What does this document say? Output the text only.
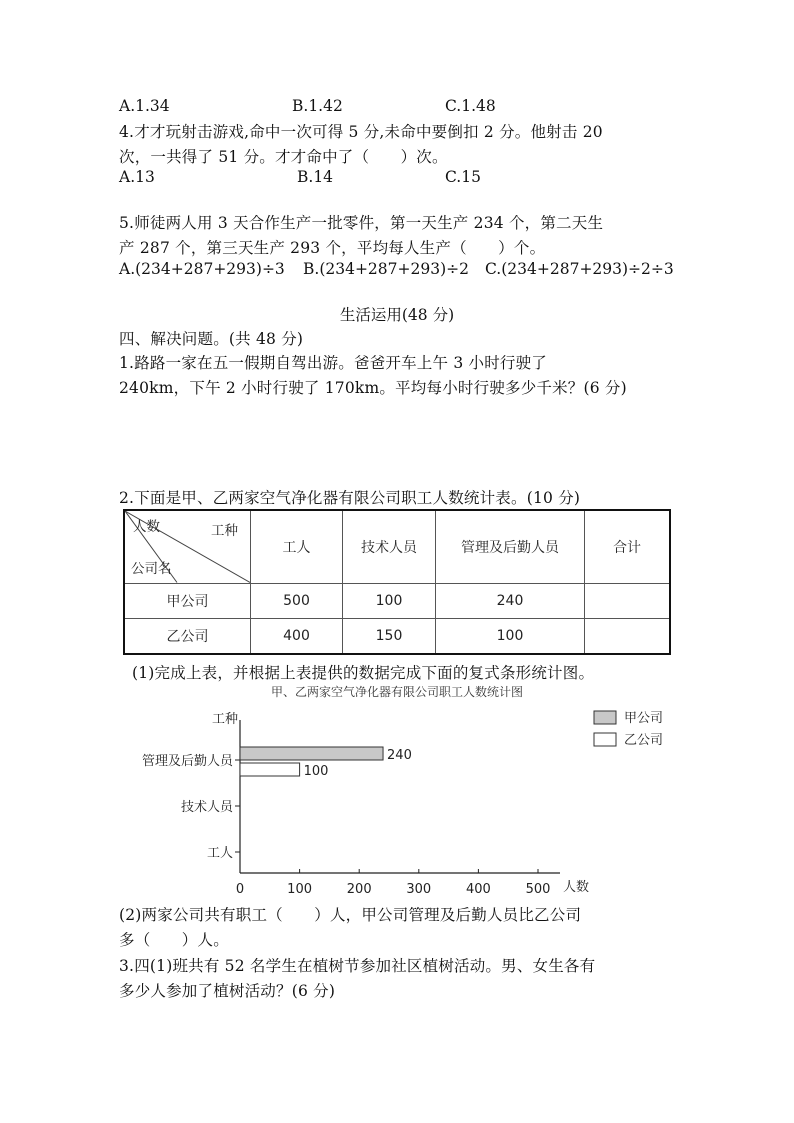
A.1.34	B.1.42	C.1.48
4.才才玩射击游戏,命中一次可得 5 分,未命中要倒扣 2 分。他射击 20
次，一共得了 51 分。才才命中了（　　）次。
A.13	B.14	C.15
5.师徒两人用 3 天合作生产一批零件，第一天生产 234 个，第二天生
产 287 个，第三天生产 293 个，平均每人生产（　　）个。
A.(234+287+293)÷3 B.(234+287+293)÷2 C.(234+287+293)÷2÷3
生活运用(48 分)
四、解决问题。(共 48 分)
1.路路一家在五一假期自驾出游。爸爸开车上午 3 小时行驶了
240km，下午 2 小时行驶了 170km。平均每小时行驶多少千米？(6 分)
2.下面是甲、乙两家空气净化器有限公司职工人数统计表。(10 分)
人数 工种
公司名	工人	技术人员	管理及后勤人员	合计
甲公司	500	100	240	
乙公司	400	150	100	
(1)完成上表，并根据上表提供的数据完成下面的复式条形统计图。
甲、乙两家空气净化器有限公司职工人数统计图
工种
人数
0	100	200	300	400	500
管理及后勤人员	240
100
技术人员
工人
甲公司
乙公司
(2)两家公司共有职工（　　）人，甲公司管理及后勤人员比乙公司
多（　　）人。
3.四(1)班共有 52 名学生在植树节参加社区植树活动。男、女生各有
多少人参加了植树活动？(6 分)
